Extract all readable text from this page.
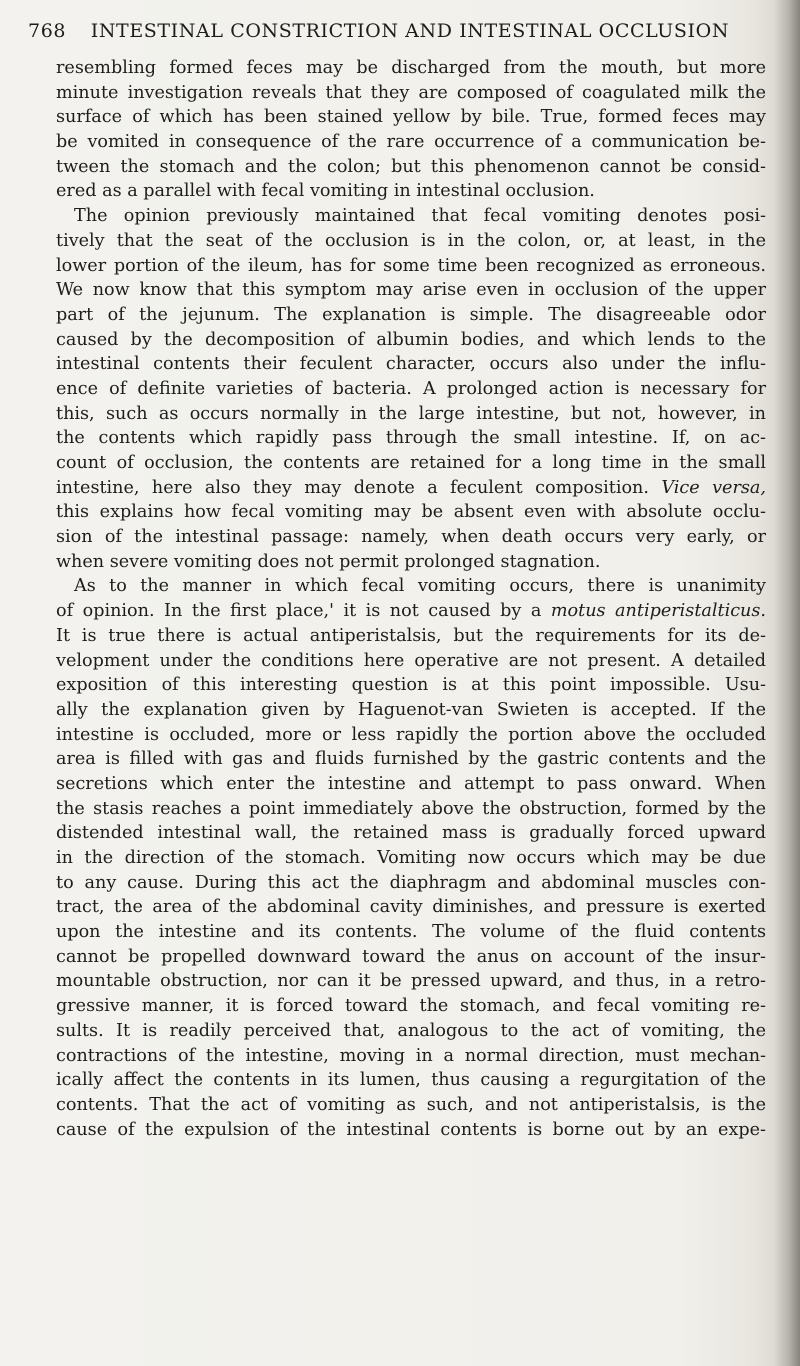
768 INTESTINAL CONSTRICTION AND INTESTINAL OCCLUSION
resembling formed feces may be discharged from the mouth, but more
minute investigation reveals that they are composed of coagulated milk the
surface of which has been stained yellow by bile. True, formed feces may
be vomited in consequence of the rare occurrence of a communication be-
tween the stomach and the colon; but this phenomenon cannot be consid-
ered as a parallel with fecal vomiting in intestinal occlusion.
The opinion previously maintained that fecal vomiting denotes posi-
tively that the seat of the occlusion is in the colon, or, at least, in the
lower portion of the ileum, has for some time been recognized as erroneous.
We now know that this symptom may arise even in occlusion of the upper
part of the jejunum. The explanation is simple. The disagreeable odor
caused by the decomposition of albumin bodies, and which lends to the
intestinal contents their feculent character, occurs also under the influ-
ence of definite varieties of bacteria. A prolonged action is necessary for
this, such as occurs normally in the large intestine, but not, however, in
the contents which rapidly pass through the small intestine. If, on ac-
count of occlusion, the contents are retained for a long time in the small
intestine, here also they may denote a feculent composition. Vice versa,
this explains how fecal vomiting may be absent even with absolute occlu-
sion of the intestinal passage: namely, when death occurs very early, or
when severe vomiting does not permit prolonged stagnation.
As to the manner in which fecal vomiting occurs, there is unanimity
of opinion. In the first place,' it is not caused by a motus antiperistalticus.
It is true there is actual antiperistalsis, but the requirements for its de-
velopment under the conditions here operative are not present. A detailed
exposition of this interesting question is at this point impossible. Usu-
ally the explanation given by Haguenot-van Swieten is accepted. If the
intestine is occluded, more or less rapidly the portion above the occluded
area is filled with gas and fluids furnished by the gastric contents and the
secretions which enter the intestine and attempt to pass onward. When
the stasis reaches a point immediately above the obstruction, formed by the
distended intestinal wall, the retained mass is gradually forced upward
in the direction of the stomach. Vomiting now occurs which may be due
to any cause. During this act the diaphragm and abdominal muscles con-
tract, the area of the abdominal cavity diminishes, and pressure is exerted
upon the intestine and its contents. The volume of the fluid contents
cannot be propelled downward toward the anus on account of the insur-
mountable obstruction, nor can it be pressed upward, and thus, in a retro-
gressive manner, it is forced toward the stomach, and fecal vomiting re-
sults. It is readily perceived that, analogous to the act of vomiting, the
contractions of the intestine, moving in a normal direction, must mechan-
ically affect the contents in its lumen, thus causing a regurgitation of the
contents. That the act of vomiting as such, and not antiperistalsis, is the
cause of the expulsion of the intestinal contents is borne out by an expe-
